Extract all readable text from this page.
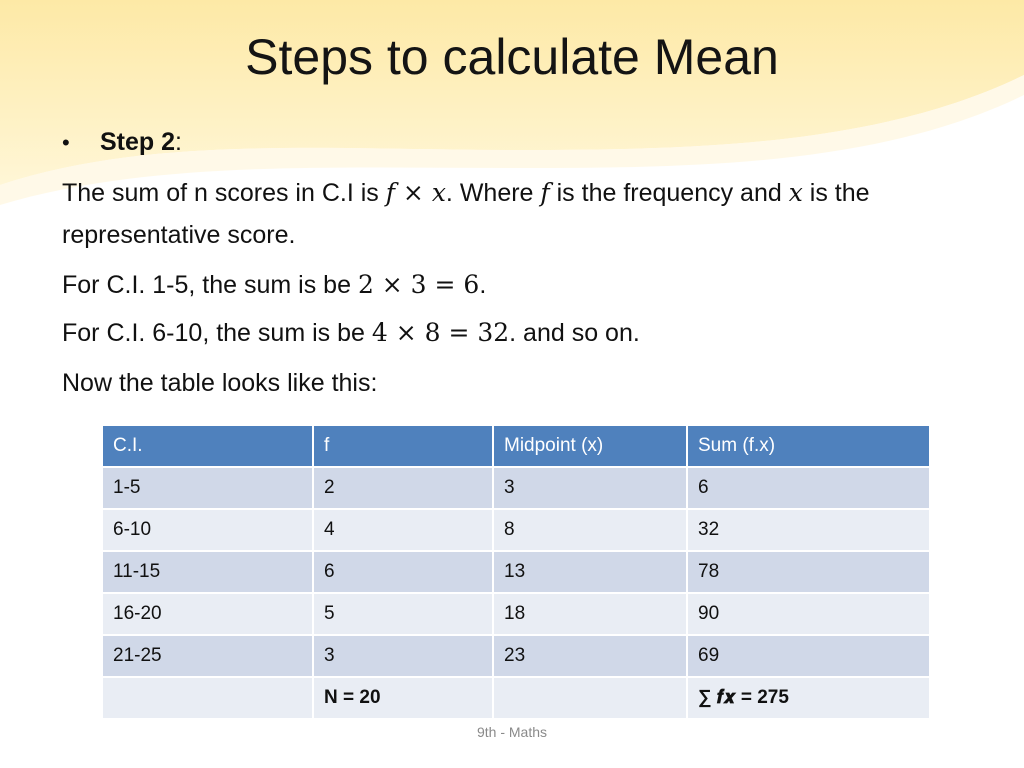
Steps to calculate Mean
•	Step 2:

The sum of n scores in C.I is f × x. Where f is the frequency and x is the representative score.

For C.I. 1-5, the sum is be 2 × 3 = 6.

For C.I. 6-10, the sum is be 4 × 8 = 32. and so on.

Now the table looks like this:

C.I.	f	Midpoint (x)	Sum (f.x)
1-5	2	3	6
6-10	4	8	32
11-15	6	13	78
16-20	5	18	90
21-25	3	23	69
	N = 20		∑ 𝒇𝒙 = 275
9th - Maths
